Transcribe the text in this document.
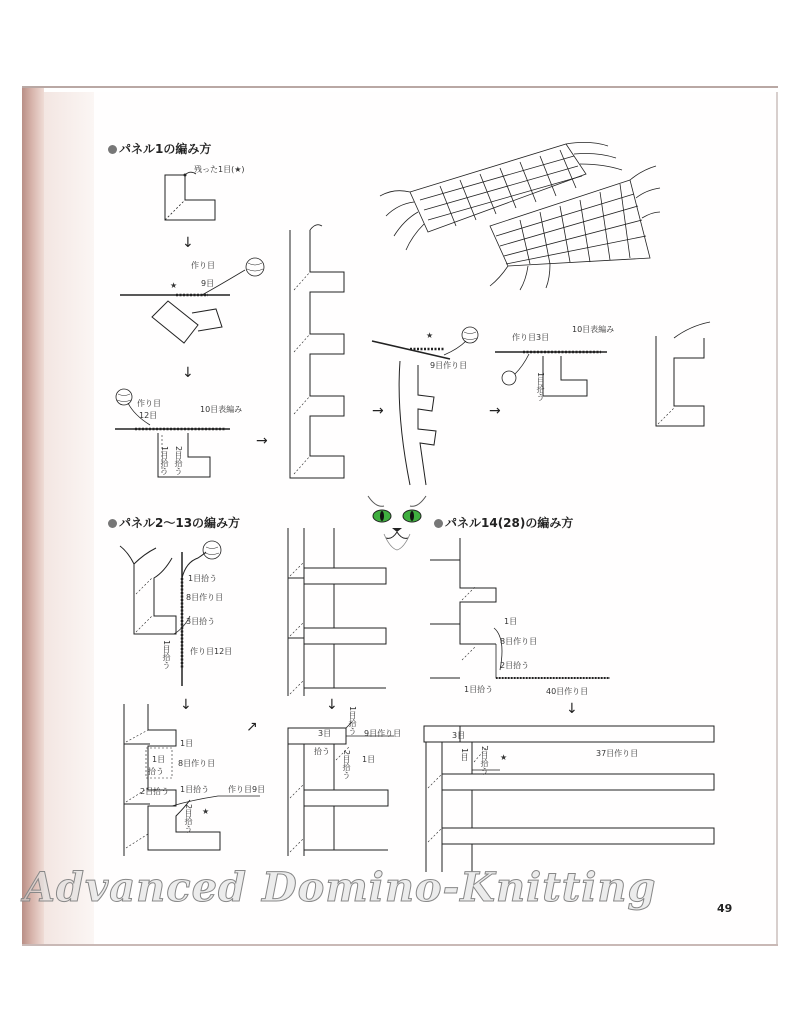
パネル1の編み方
パネル2～13の編み方	パネル14(28)の編み方
残った1目(★)
↓
作り目
9目
★
↓
作り目
12目
10目表編み
1目拾う 2目拾う
→
→
★
9目作り目
→
作り目3目
10目表編み
1目拾う
1目拾う
8目作り目
3目拾う
1目拾う 作り目12目
↓
1目
1目
拾う
8目作り目
2目拾う 1目拾う 作り目9目
2目拾う ★
↗
↓
3目 1目拾う 9目作り目
拾う 2目拾う 1目
1目
8目作り目
2目拾う
1目拾う	40目作り目
↓
3目
1目 2目拾う ★	37目作り目
Advanced Domino-Knitting	49
